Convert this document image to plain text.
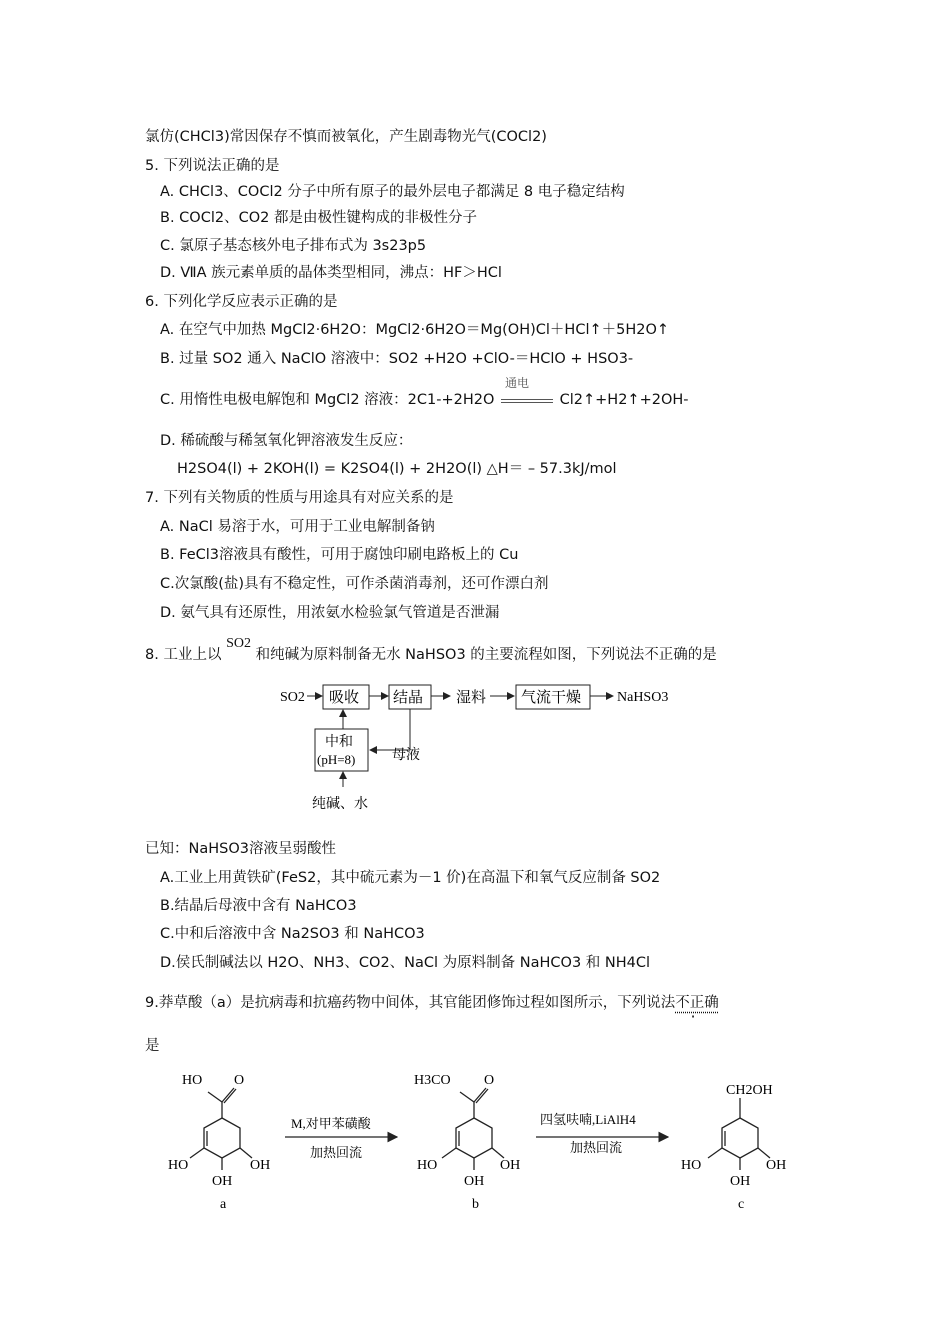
氯仿(CHCl3)常因保存不慎而被氧化，产生剧毒物光气(COCl2)
5. 下列说法正确的是
A. CHCl3、COCl2 分子中所有原子的最外层电子都满足 8 电子稳定结构
B. COCl2、CO2 都是由极性键构成的非极性分子
C. 氯原子基态核外电子排布式为 3s23p5
D. ⅦA 族元素单质的晶体类型相同，沸点：HF＞HCl
6. 下列化学反应表示正确的是
A. 在空气中加热 MgCl2·6H2O：MgCl2·6H2O＝Mg(OH)Cl＋HCl↑＋5H2O↑
B. 过量 SO2 通入 NaClO 溶液中：SO2 +H2O +ClO-＝HClO + HSO3-
C. 用惰性电极电解饱和 MgCl2 溶液：2C1-+2H2O
通电
Cl2↑+H2↑+2OH-
D. 稀硫酸与稀氢氧化钾溶液发生反应：
H2SO4(l) + 2KOH(l) = K2SO4(l) + 2H2O(l) △H＝ – 57.3kJ/mol
7. 下列有关物质的性质与用途具有对应关系的是
A. NaCl 易溶于水，可用于工业电解制备钠
B. FeCl3溶液具有酸性，可用于腐蚀印刷电路板上的 Cu
C.次氯酸(盐)具有不稳定性，可作杀菌消毒剂，还可作漂白剂
D. 氨气具有还原性，用浓氨水检验氯气管道是否泄漏
8. 工业上以 SO2 和纯碱为原料制备无水 NaHSO3 的主要流程如图，下列说法不正确的是
SO2 吸收 结晶 湿料 气流干燥	NaHSO3
中和
(pH=8)	母液
纯碱、水
已知：NaHSO3溶液呈弱酸性
A.工业上用黄铁矿(FeS2，其中硫元素为－1 价)在高温下和氧气反应制备 SO2
B.结晶后母液中含有 NaHCO3
C.中和后溶液中含 Na2SO3 和 NaHCO3
D.侯氏制碱法以 H2O、NH3、CO2、NaCl 为原料制备 NaHCO3 和 NH4Cl
9.莽草酸（a）是抗病毒和抗癌药物中间体，其官能团修饰过程如图所示，下列说法不正确
是
HO O
HO
OH
OH
a
M,对甲苯磺酸
加热回流
H3CO O
HO
OH
OH
b
四氢呋喃,LiAlH4
加热回流
CH2OH
HO
OH
OH
c
